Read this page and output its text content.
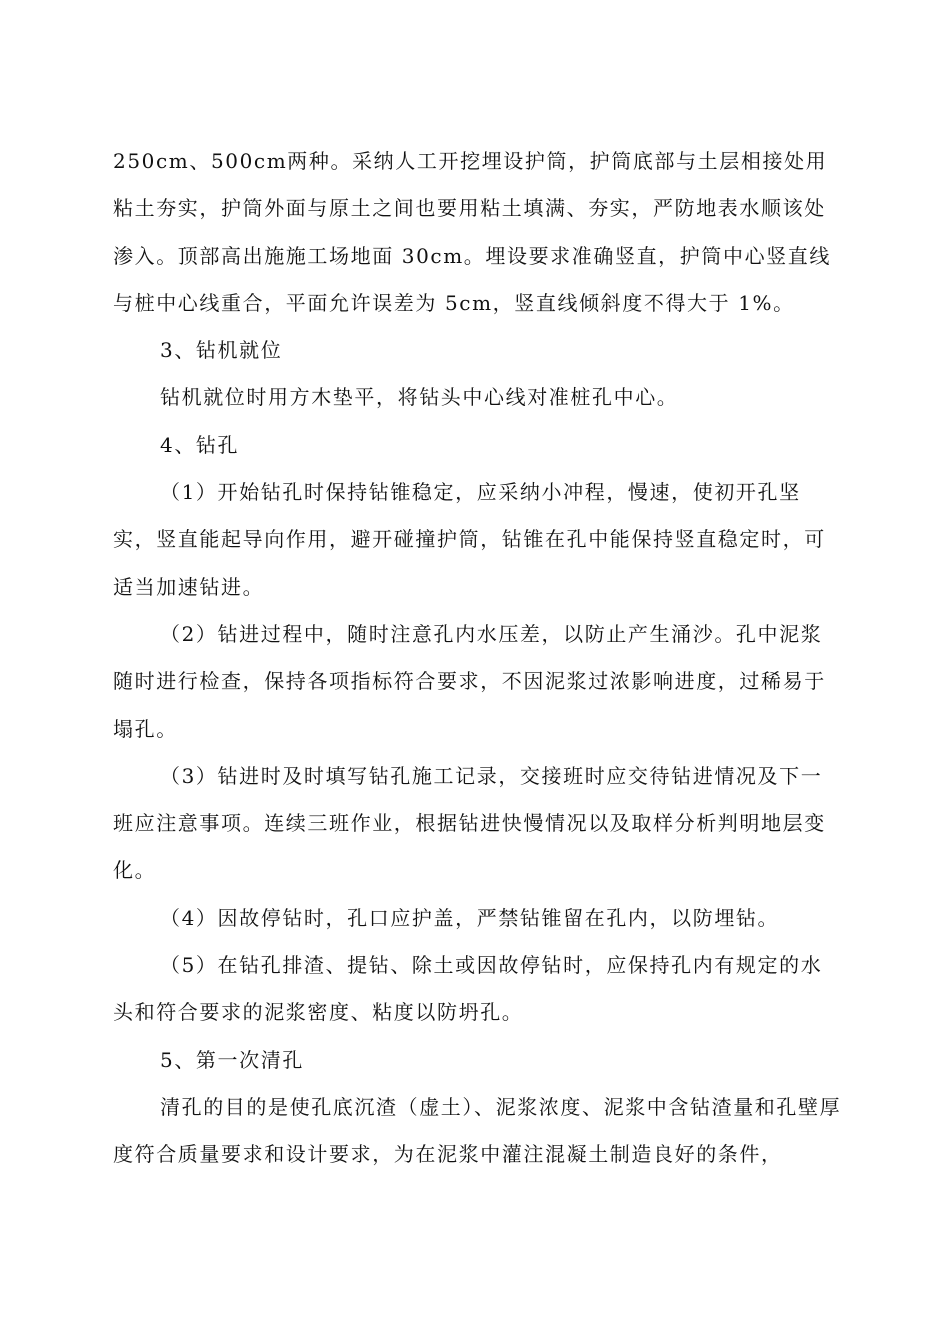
250cm、500cm两种。采纳人工开挖埋设护筒，护筒底部与土层相接处用粘土夯实，护筒外面与原土之间也要用粘土填满、夯实，严防地表水顺该处渗入。顶部高出施施工场地面 30cm。埋设要求准确竖直，护筒中心竖直线与桩中心线重合，平面允许误差为 5cm，竖直线倾斜度不得大于 1%。

3、钻机就位

钻机就位时用方木垫平，将钻头中心线对准桩孔中心。

4、钻孔

（1）开始钻孔时保持钻锥稳定，应采纳小冲程，慢速，使初开孔坚实，竖直能起导向作用，避开碰撞护筒，钻锥在孔中能保持竖直稳定时，可适当加速钻进。

（2）钻进过程中，随时注意孔内水压差，以防止产生涌沙。孔中泥浆随时进行检查，保持各项指标符合要求，不因泥浆过浓影响进度，过稀易于塌孔。

（3）钻进时及时填写钻孔施工记录，交接班时应交待钻进情况及下一班应注意事项。连续三班作业，根据钻进快慢情况以及取样分析判明地层变化。

（4）因故停钻时，孔口应护盖，严禁钻锥留在孔内，以防埋钻。

（5）在钻孔排渣、提钻、除土或因故停钻时，应保持孔内有规定的水头和符合要求的泥浆密度、粘度以防坍孔。

5、第一次清孔

清孔的目的是使孔底沉渣（虚土）、泥浆浓度、泥浆中含钻渣量和孔壁厚度符合质量要求和设计要求，为在泥浆中灌注混凝土制造良好的条件，
